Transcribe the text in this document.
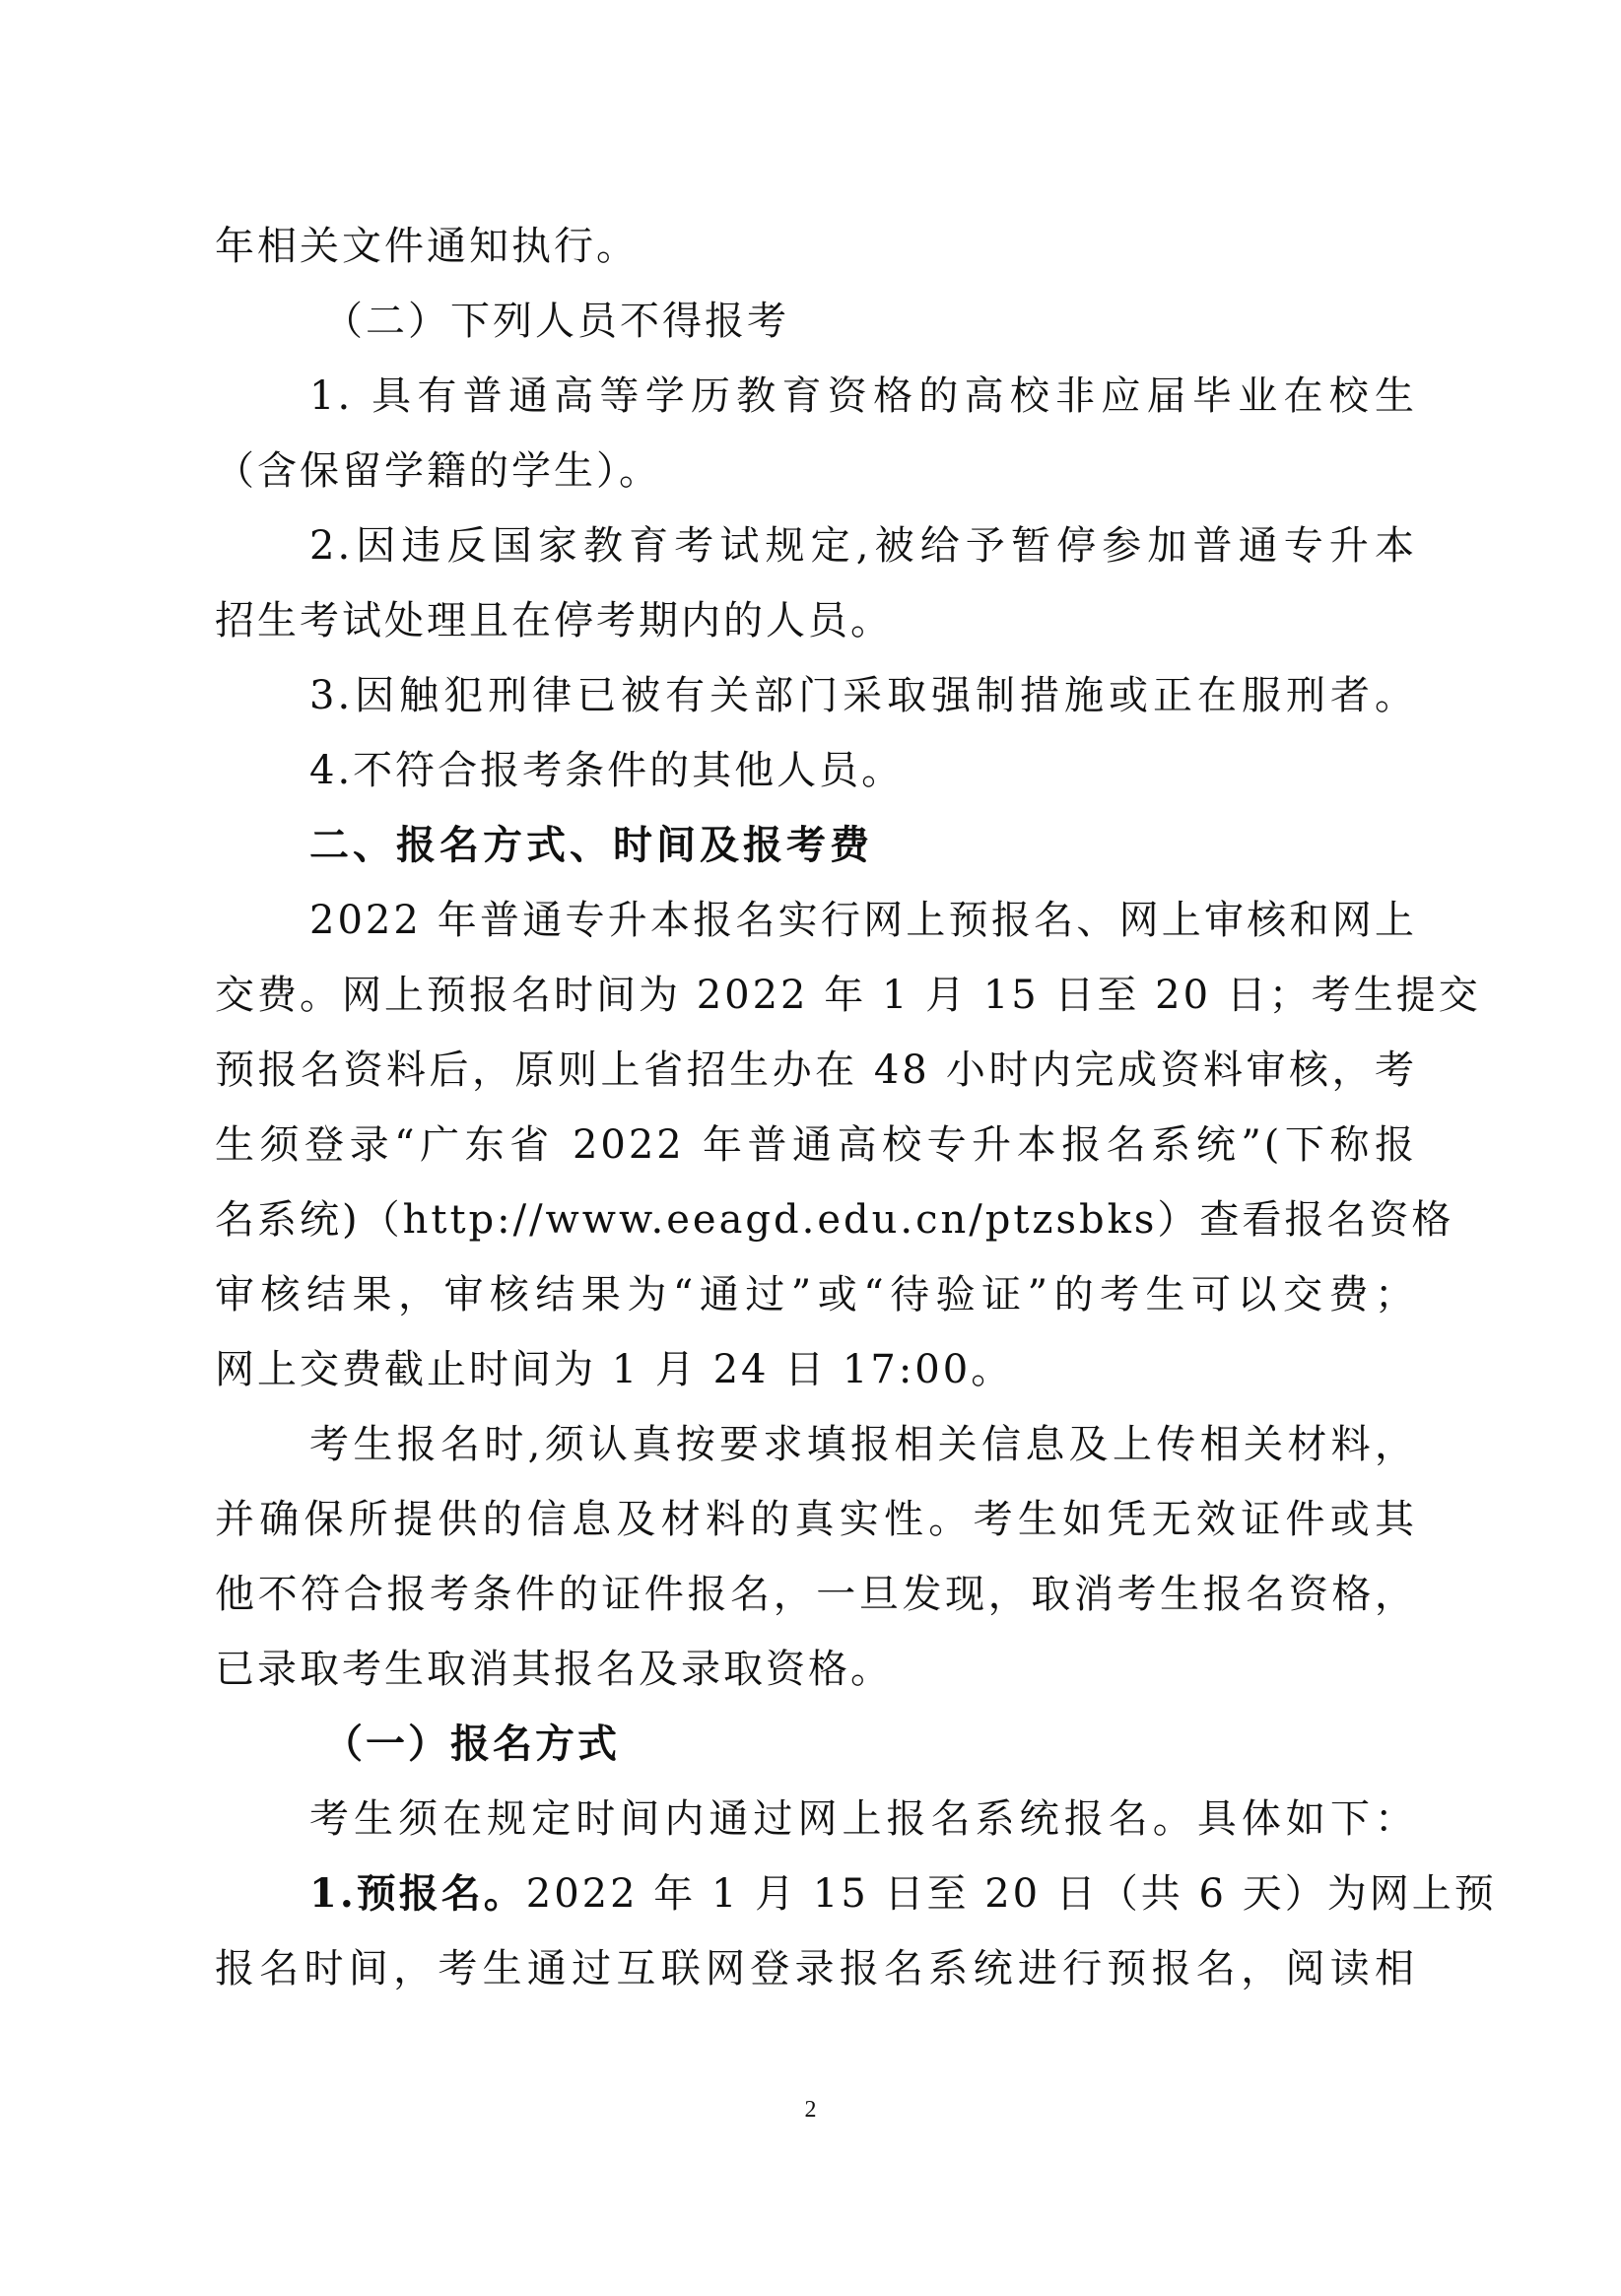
年相关文件通知执行。
（二）下列人员不得报考
1. 具有普通高等学历教育资格的高校非应届毕业在校生
（含保留学籍的学生）。
2.因违反国家教育考试规定,被给予暂停参加普通专升本
招生考试处理且在停考期内的人员。
3.因触犯刑律已被有关部门采取强制措施或正在服刑者。
4.不符合报考条件的其他人员。
二、报名方式、时间及报考费
2022 年普通专升本报名实行网上预报名、网上审核和网上
交费。网上预报名时间为 2022 年 1 月 15 日至 20 日；考生提交
预报名资料后，原则上省招生办在 48 小时内完成资料审核，考
生须登录“广东省 2022 年普通高校专升本报名系统”(下称报
名系统)（http://www.eeagd.edu.cn/ptzsbks）查看报名资格
审核结果，审核结果为“通过”或“待验证”的考生可以交费；
网上交费截止时间为 1 月 24 日 17:00。
考生报名时,须认真按要求填报相关信息及上传相关材料，
并确保所提供的信息及材料的真实性。考生如凭无效证件或其
他不符合报考条件的证件报名，一旦发现，取消考生报名资格，
已录取考生取消其报名及录取资格。
（一）报名方式
考生须在规定时间内通过网上报名系统报名。具体如下：
1.预报名。2022 年 1 月 15 日至 20 日（共 6 天）为网上预
报名时间，考生通过互联网登录报名系统进行预报名，阅读相
2
